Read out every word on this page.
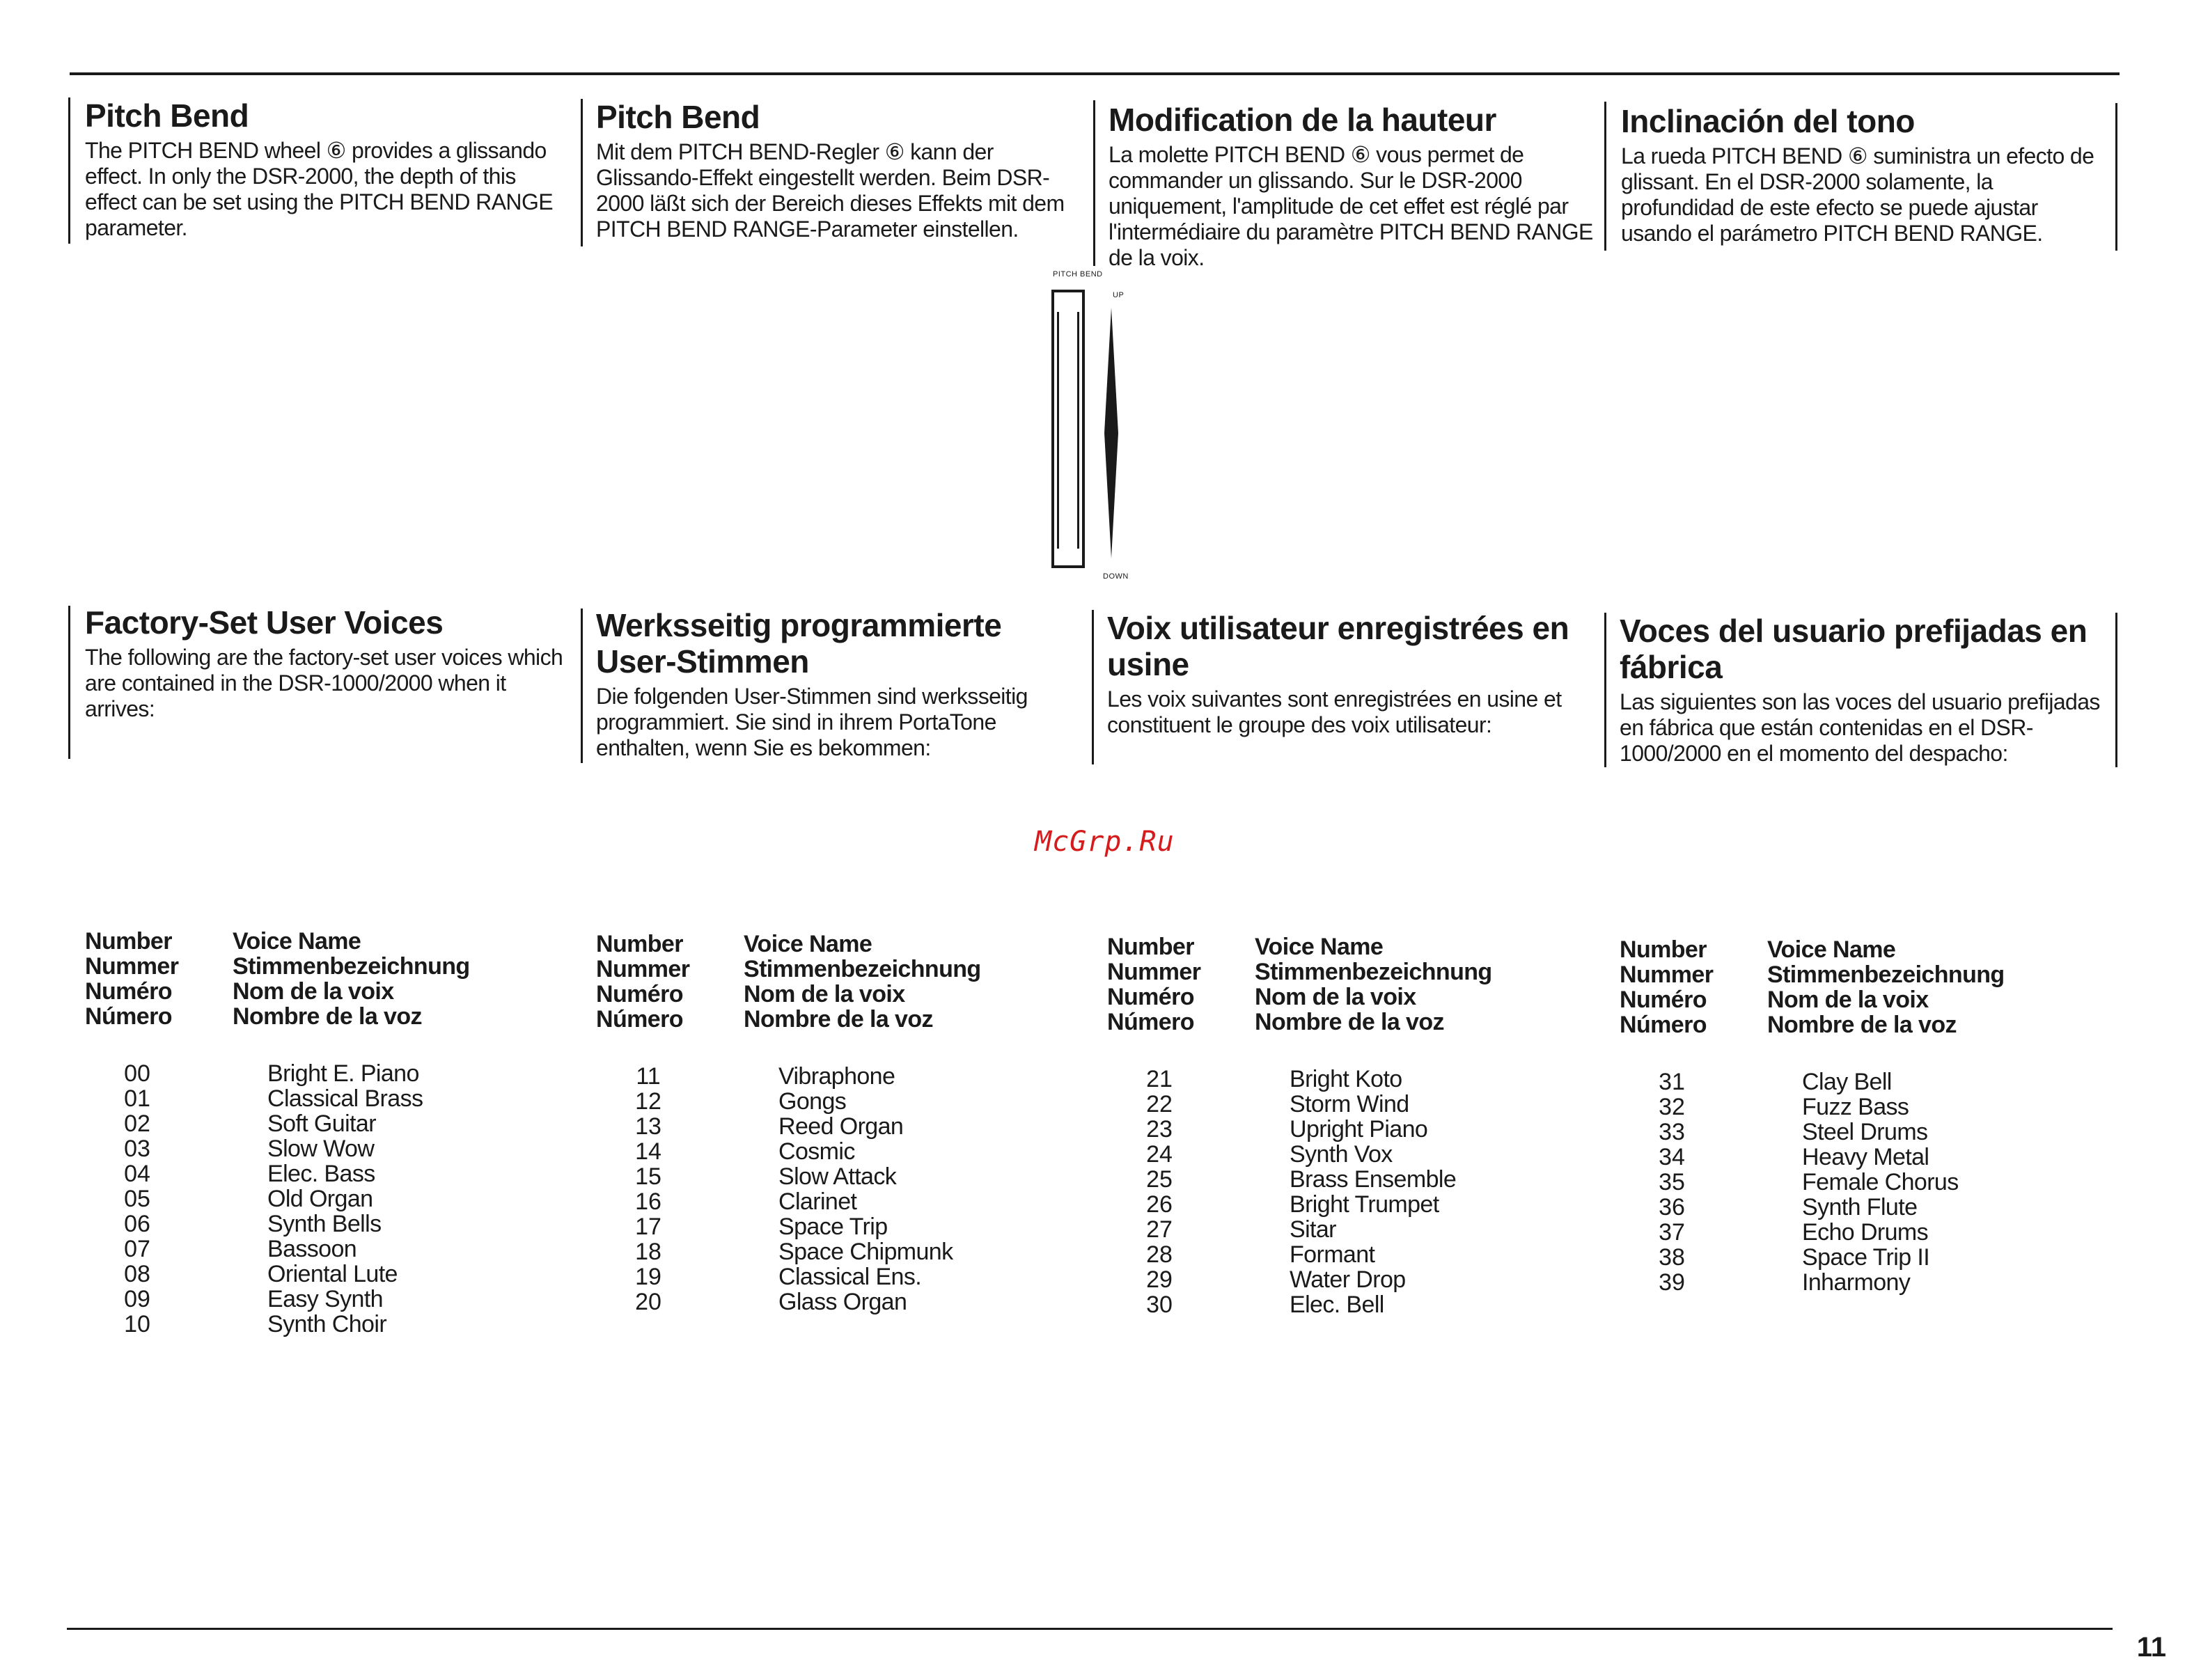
Pitch Bend

The PITCH BEND wheel ⑥ provides a glissando effect. In only the DSR-2000, the depth of this effect can be set using the PITCH BEND RANGE parameter.

Pitch Bend

Mit dem PITCH BEND-Regler ⑥ kann der Glissando-Effekt eingestellt werden. Beim DSR-2000 läßt sich der Bereich dieses Effekts mit dem PITCH BEND RANGE-Parameter einstellen.

Modification de la hauteur

La molette PITCH BEND ⑥ vous permet de commander un glissando. Sur le DSR-2000 uniquement, l'amplitude de cet effet est réglé par l'intermédiaire du paramètre PITCH BEND RANGE de la voix.

Inclinación del tono

La rueda PITCH BEND ⑥ suministra un efecto de glissant. En el DSR-2000 solamente, la profundidad de este efecto se puede ajustar usando el parámetro PITCH BEND RANGE.

PITCH BEND
UP
DOWN
Factory-Set User Voices

The following are the factory-set user voices which are contained in the DSR-1000/2000 when it arrives:

Werksseitig programmierte User-Stimmen

Die folgenden User-Stimmen sind werksseitig programmiert. Sie sind in ihrem PortaTone enthalten, wenn Sie es bekommen:

Voix utilisateur enregistrées en usine

Les voix suivantes sont enregistrées en usine et constituent le groupe des voix utilisateur:

Voces del usuario prefijadas en fábrica

Las siguientes son las voces del usuario prefijadas en fábrica que están contenidas en el DSR-1000/2000 en el momento del despacho:

McGrp.Ru
Number
Nummer
Numéro
Número
Voice Name
Stimmenbezeichnung
Nom de la voix
Nombre de la voz
00	Bright E. Piano
01	Classical Brass
02	Soft Guitar
03	Slow Wow
04	Elec. Bass
05	Old Organ
06	Synth Bells
07	Bassoon
08	Oriental Lute
09	Easy Synth
10	Synth Choir
Number
Nummer
Numéro
Número
Voice Name
Stimmenbezeichnung
Nom de la voix
Nombre de la voz
11	Vibraphone
12	Gongs
13	Reed Organ
14	Cosmic
15	Slow Attack
16	Clarinet
17	Space Trip
18	Space Chipmunk
19	Classical Ens.
20	Glass Organ
Number
Nummer
Numéro
Número
Voice Name
Stimmenbezeichnung
Nom de la voix
Nombre de la voz
21	Bright Koto
22	Storm Wind
23	Upright Piano
24	Synth Vox
25	Brass Ensemble
26	Bright Trumpet
27	Sitar
28	Formant
29	Water Drop
30	Elec. Bell
Number
Nummer
Numéro
Número
Voice Name
Stimmenbezeichnung
Nom de la voix
Nombre de la voz
31	Clay Bell
32	Fuzz Bass
33	Steel Drums
34	Heavy Metal
35	Female Chorus
36	Synth Flute
37	Echo Drums
38	Space Trip II
39	Inharmony
11
